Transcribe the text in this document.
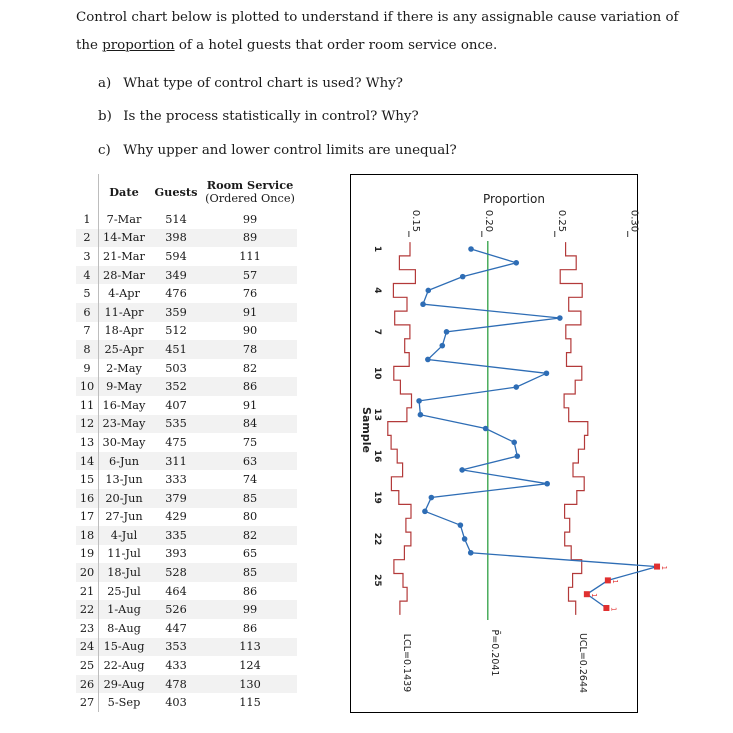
Control chart below is plotted to understand if there is any assignable cause variation of
the proportion of a hotel guests that order room service once.
a) What type of control chart is used? Why?
b) Is the process statistically in control? Why?
c) Why upper and lower control limits are unequal?
	Date	Guests	Room Service
(Ordered Once)
1	7-Mar	514	99
2	14-Mar	398	89
3	21-Mar	594	111
4	28-Mar	349	57
5	4-Apr	476	76
6	11-Apr	359	91
7	18-Apr	512	90
8	25-Apr	451	78
9	2-May	503	82
10	9-May	352	86
11	16-May	407	91
12	23-May	535	84
13	30-May	475	75
14	6-Jun	311	63
15	13-Jun	333	74
16	20-Jun	379	85
17	27-Jun	429	80
18	4-Jul	335	82
19	11-Jul	393	65
20	18-Jul	528	85
21	25-Jul	464	86
22	1-Aug	526	99
23	8-Aug	447	86
24	15-Aug	353	113
25	22-Aug	433	124
26	29-Aug	478	130
27	5-Sep	403	115
Proportion
0.15	0.20	0.25	0.30
1
4
7
10
13
16
19
22
25
Sample
1
1
1
1
LCL=0.1439	P̄=0.2041	UCL=0.2644
